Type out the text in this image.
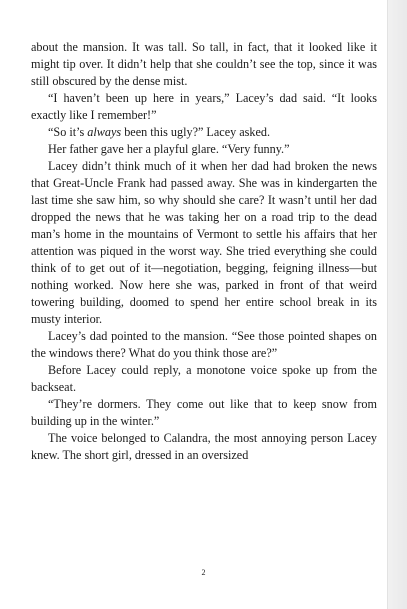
about the mansion. It was tall. So tall, in fact, that it looked like it might tip over. It didn’t help that she couldn’t see the top, since it was still obscured by the dense mist.

“I haven’t been up here in years,” Lacey’s dad said. “It looks exactly like I remember!”

“So it’s always been this ugly?” Lacey asked.

Her father gave her a playful glare. “Very funny.”

Lacey didn’t think much of it when her dad had broken the news that Great-Uncle Frank had passed away. She was in kindergarten the last time she saw him, so why should she care? It wasn’t until her dad dropped the news that he was taking her on a road trip to the dead man’s home in the mountains of Vermont to settle his affairs that her attention was piqued in the worst way. She tried everything she could think of to get out of it—negotiation, begging, feigning illness—but nothing worked. Now here she was, parked in front of that weird towering building, doomed to spend her entire school break in its musty interior.

Lacey’s dad pointed to the mansion. “See those pointed shapes on the windows there? What do you think those are?”

Before Lacey could reply, a monotone voice spoke up from the backseat.

“They’re dormers. They come out like that to keep snow from building up in the winter.”

The voice belonged to Calandra, the most annoying person Lacey knew. The short girl, dressed in an oversized

2
